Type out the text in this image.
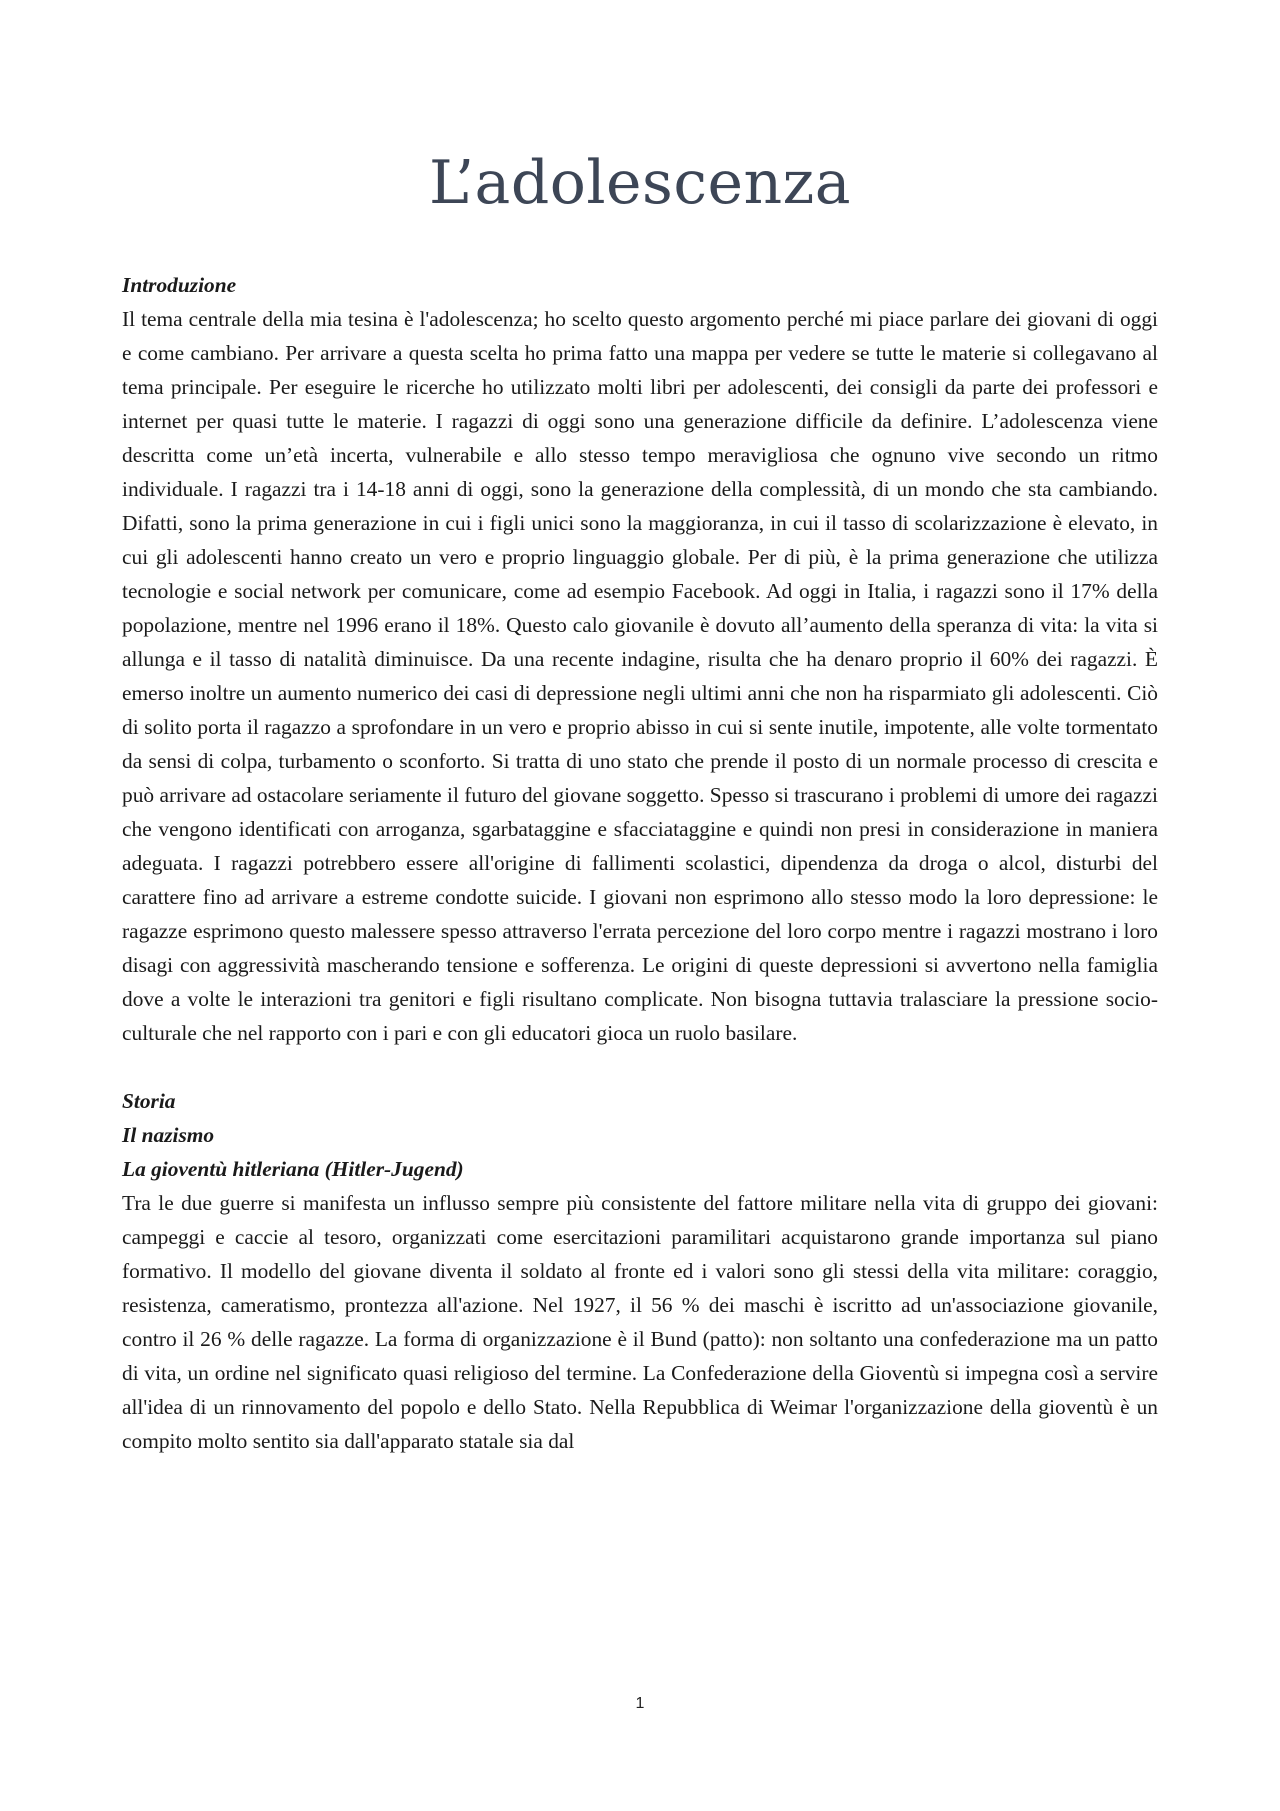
L’adolescenza

Introduzione

Il tema centrale della mia tesina è l'adolescenza; ho scelto questo argomento perché mi piace parlare dei giovani di oggi e come cambiano. Per arrivare a questa scelta ho prima fatto una mappa per vedere se tutte le materie si collegavano al tema principale. Per eseguire le ricerche ho utilizzato molti libri per adolescenti, dei consigli da parte dei professori e internet per quasi tutte le materie. I ragazzi di oggi sono una generazione difficile da definire. L’adolescenza viene descritta come un’età incerta, vulnerabile e allo stesso tempo meravigliosa che ognuno vive secondo un ritmo individuale. I ragazzi tra i 14-18 anni di oggi, sono la generazione della complessità, di un mondo che sta cambiando. Difatti, sono la prima generazione in cui i figli unici sono la maggioranza, in cui il tasso di scolarizzazione è elevato, in cui gli adolescenti hanno creato un vero e proprio linguaggio globale. Per di più, è la prima generazione che utilizza tecnologie e social network per comunicare, come ad esempio Facebook. Ad oggi in Italia, i ragazzi sono il 17% della popolazione, mentre nel 1996 erano il 18%. Questo calo giovanile è dovuto all’aumento della speranza di vita: la vita si allunga e il tasso di natalità diminuisce. Da una recente indagine, risulta che ha denaro proprio il 60% dei ragazzi. È emerso inoltre un aumento numerico dei casi di depressione negli ultimi anni che non ha risparmiato gli adolescenti. Ciò di solito porta il ragazzo a sprofondare in un vero e proprio abisso in cui si sente inutile, impotente, alle volte tormentato da sensi di colpa, turbamento o sconforto. Si tratta di uno stato che prende il posto di un normale processo di crescita e può arrivare ad ostacolare seriamente il futuro del giovane soggetto. Spesso si trascurano i problemi di umore dei ragazzi che vengono identificati con arroganza, sgarbataggine e sfacciataggine e quindi non presi in considerazione in maniera adeguata. I ragazzi potrebbero essere all'origine di fallimenti scolastici, dipendenza da droga o alcol, disturbi del carattere fino ad arrivare a estreme condotte suicide. I giovani non esprimono allo stesso modo la loro depressione: le ragazze esprimono questo malessere spesso attraverso l'errata percezione del loro corpo mentre i ragazzi mostrano i loro disagi con aggressività mascherando tensione e sofferenza. Le origini di queste depressioni si avvertono nella famiglia dove a volte le interazioni tra genitori e figli risultano complicate. Non bisogna tuttavia tralasciare la pressione socio-culturale che nel rapporto con i pari e con gli educatori gioca un ruolo basilare.

Storia

Il nazismo

La gioventù hitleriana (Hitler-Jugend)

Tra le due guerre si manifesta un influsso sempre più consistente del fattore militare nella vita di gruppo dei giovani: campeggi e caccie al tesoro, organizzati come esercitazioni paramilitari acquistarono grande importanza sul piano formativo. Il modello del giovane diventa il soldato al fronte ed i valori sono gli stessi della vita militare: coraggio, resistenza, cameratismo, prontezza all'azione. Nel 1927, il 56 % dei maschi è iscritto ad un'associazione giovanile, contro il 26 % delle ragazze. La forma di organizzazione è il Bund (patto): non soltanto una confederazione ma un patto di vita, un ordine nel significato quasi religioso del termine. La Confederazione della Gioventù si impegna così a servire all'idea di un rinnovamento del popolo e dello Stato. Nella Repubblica di Weimar l'organizzazione della gioventù è un compito molto sentito sia dall'apparato statale sia dal

1
